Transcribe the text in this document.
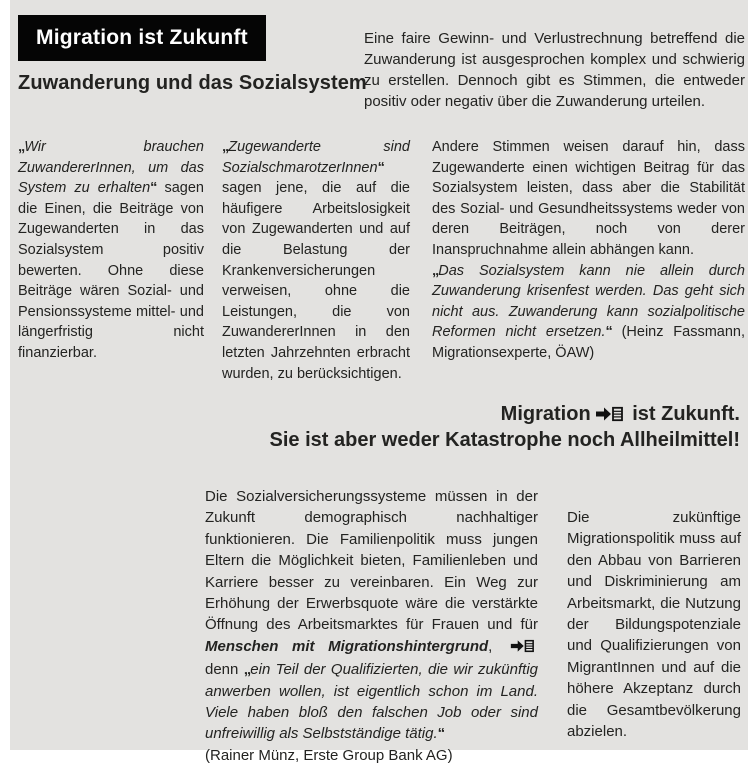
Migration ist Zukunft
Zuwanderung und das Sozialsystem

Eine faire Gewinn- und Verlustrechnung betreffend die Zuwanderung ist ausgesprochen komplex und schwierig zu erstellen. Dennoch gibt es Stimmen, die entweder positiv oder negativ über die Zuwanderung urteilen.

„Wir brauchen ZuwandererInnen, um das System zu erhalten“ sagen die Einen, die Beiträge von Zugewanderten in das Sozialsystem positiv bewerten. Ohne diese Beiträge wären Sozial- und Pensionssysteme mittel- und längerfristig nicht finanzierbar.

„Zugewanderte sind SozialschmarotzerInnen“ sagen jene, die auf die häufigere Arbeitslosigkeit von Zugewanderten und auf die Belastung der Krankenversicherungen verweisen, ohne die Leistungen, die von ZuwandererInnen in den letzten Jahrzehnten erbracht wurden, zu berücksichtigen.

Andere Stimmen weisen darauf hin, dass Zugewanderte einen wichtigen Beitrag für das Sozialsystem leisten, dass aber die Stabilität des Sozial- und Gesundheitssystems weder von deren Beiträgen, noch von derer Inanspruchnahme allein abhängen kann.

„Das Sozialsystem kann nie allein durch Zuwanderung krisenfest werden. Das geht sich nicht aus. Zuwanderung kann sozialpolitische Reformen nicht ersetzen.“ (Heinz Fassmann, Migrationsexperte, ÖAW)

Migration ist Zukunft.
Sie ist aber weder Katastrophe noch Allheilmittel!

Die Sozialversicherungssysteme müssen in der Zukunft demographisch nachhaltiger funktionieren. Die Familienpolitik muss jungen Eltern die Möglichkeit bieten, Familienleben und Karriere besser zu vereinbaren. Ein Weg zur Erhöhung der Erwerbsquote wäre die verstärkte Öffnung des Arbeitsmarktes für Frauen und für Menschen mit Migrationshintergrund,  denn „ein Teil der Qualifizierten, die wir zukünftig anwerben wollen, ist eigentlich schon im Land. Viele haben bloß den falschen Job oder sind unfreiwillig als Selbstständige tätig.“

(Rainer Münz, Erste Group Bank AG)

Die zukünftige Migrationspolitik muss auf den Abbau von Barrieren und Diskriminierung am Arbeitsmarkt, die Nutzung der Bildungspotenziale und Qualifizierungen von MigrantInnen und auf die höhere Akzeptanz durch die Gesamtbevölkerung abzielen.
